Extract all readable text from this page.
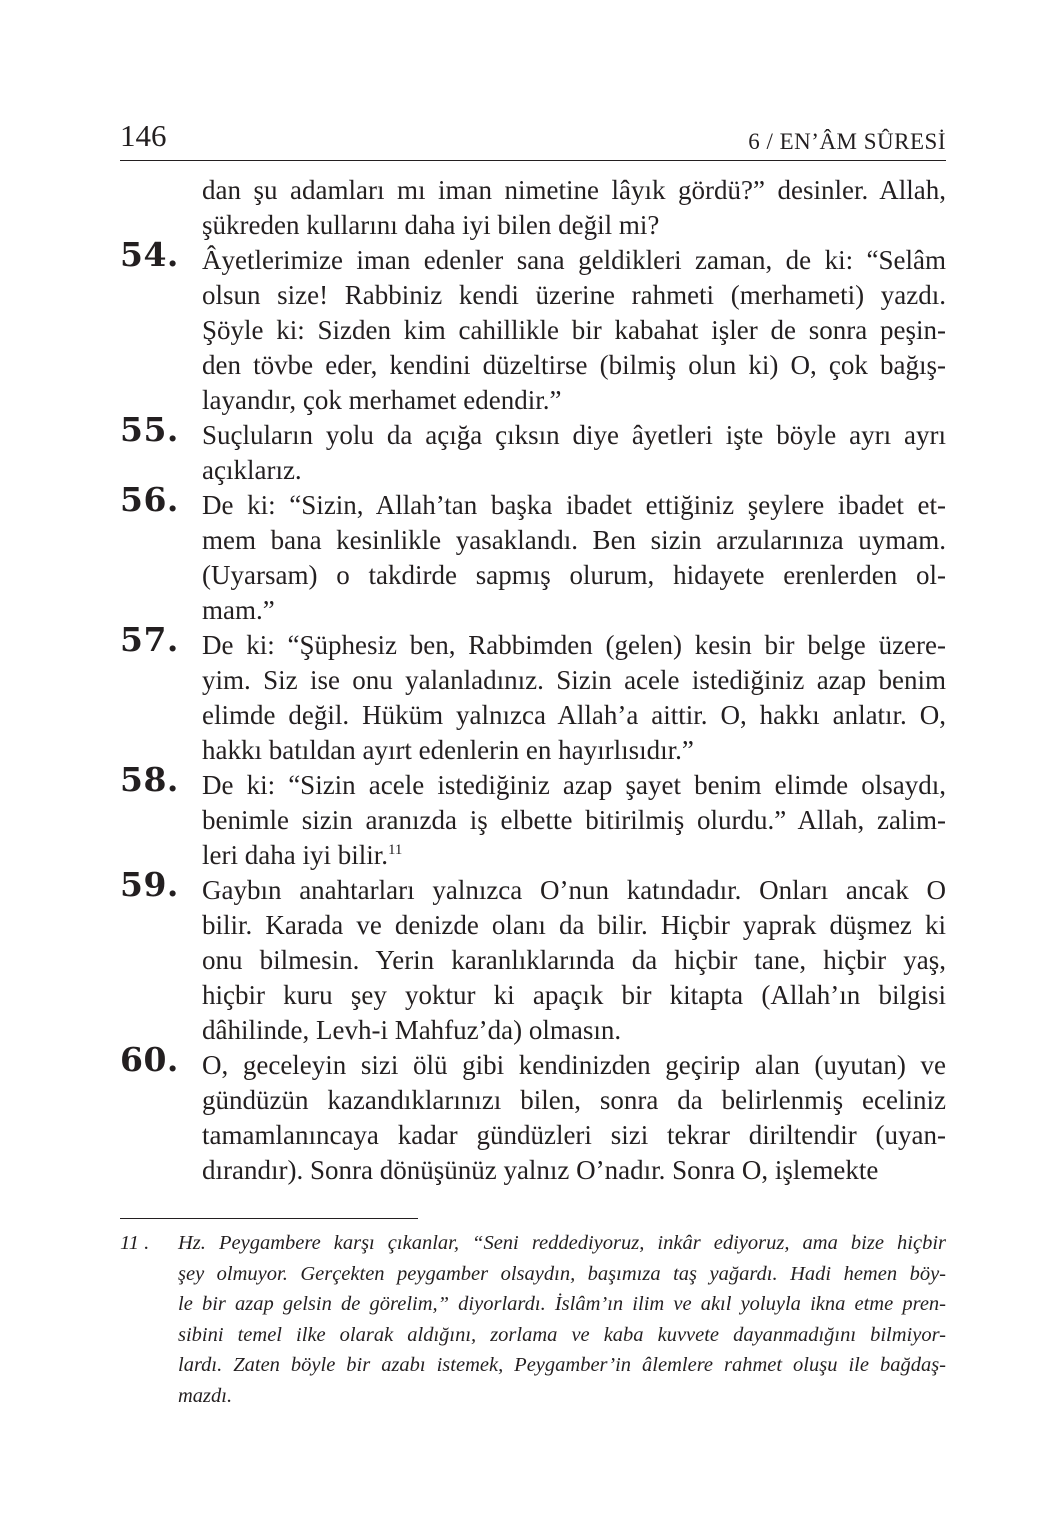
146	6 / EN’ÂM SÛRESİ
dan şu adamları mı iman nimetine lâyık gördü?” desinler. Allah,
şükreden kullarını daha iyi bilen değil mi?
54. Âyetlerimize iman edenler sana geldikleri zaman, de ki: “Selâm
olsun size! Rabbiniz kendi üzerine rahmeti (merhameti) yazdı.
Şöyle ki: Sizden kim cahillikle bir kabahat işler de sonra peşin-
den tövbe eder, kendini düzeltirse (bilmiş olun ki) O, çok bağış-
layandır, çok merhamet edendir.”
55. Suçluların yolu da açığa çıksın diye âyetleri işte böyle ayrı ayrı
açıklarız.
56. De ki: “Sizin, Allah’tan başka ibadet ettiğiniz şeylere ibadet et-
mem bana kesinlikle yasaklandı. Ben sizin arzularınıza uymam.
(Uyarsam) o takdirde sapmış olurum, hidayete erenlerden ol-
mam.”
57. De ki: “Şüphesiz ben, Rabbimden (gelen) kesin bir belge üzere-
yim. Siz ise onu yalanladınız. Sizin acele istediğiniz azap benim
elimde değil. Hüküm yalnızca Allah’a aittir. O, hakkı anlatır. O,
hakkı batıldan ayırt edenlerin en hayırlısıdır.”
58. De ki: “Sizin acele istediğiniz azap şayet benim elimde olsaydı,
benimle sizin aranızda iş elbette bitirilmiş olurdu.” Allah, zalim-
leri daha iyi bilir.$^{11}$
59. Gaybın anahtarları yalnızca O’nun katındadır. Onları ancak O
bilir. Karada ve denizde olanı da bilir. Hiçbir yaprak düşmez ki
onu bilmesin. Yerin karanlıklarında da hiçbir tane, hiçbir yaş,
hiçbir kuru şey yoktur ki apaçık bir kitapta (Allah’ın bilgisi
dâhilinde, Levh-i Mahfuz’da) olmasın.
60. O, geceleyin sizi ölü gibi kendinizden geçirip alan (uyutan) ve
gündüzün kazandıklarınızı bilen, sonra da belirlenmiş eceliniz
tamamlanıncaya kadar gündüzleri sizi tekrar diriltendir (uyan-
dırandır). Sonra dönüşünüz yalnız O’nadır. Sonra O, işlemekte
11 . Hz. Peygambere karşı çıkanlar, “Seni reddediyoruz, inkâr ediyoruz, ama bize hiçbir
şey olmuyor. Gerçekten peygamber olsaydın, başımıza taş yağardı. Hadi hemen böy-
le bir azap gelsin de görelim,” diyorlardı. İslâm’ın ilim ve akıl yoluyla ikna etme pren-
sibini temel ilke olarak aldığını, zorlama ve kaba kuvvete dayanmadığını bilmiyor-
lardı. Zaten böyle bir azabı istemek, Peygamber’in âlemlere rahmet oluşu ile bağdaş-
mazdı.
